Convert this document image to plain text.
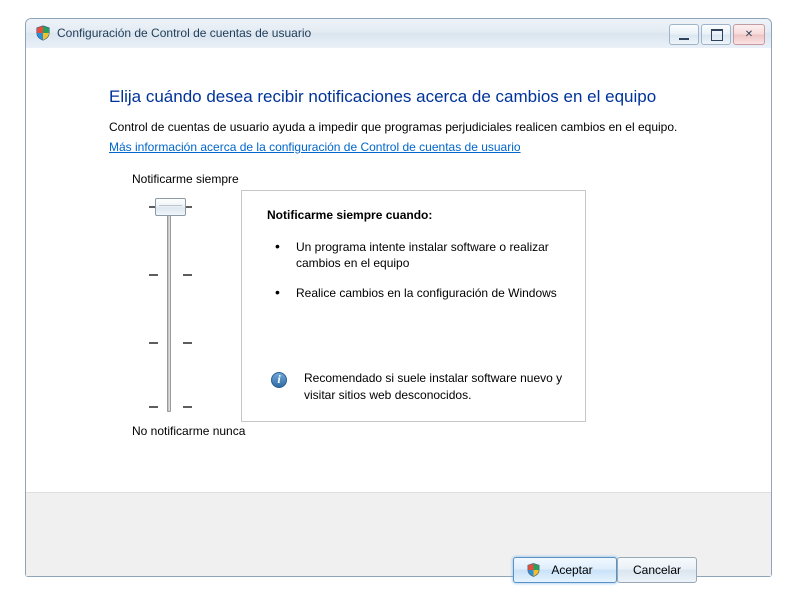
Configuración de Control de cuentas de usuario	✕
Elija cuándo desea recibir notificaciones acerca de cambios en el equipo
Control de cuentas de usuario ayuda a impedir que programas perjudiciales realicen cambios en el equipo.
Más información acerca de la configuración de Control de cuentas de usuario
Notificarme siempre
No notificarme nunca
Notificarme siempre cuando:
• Un programa intente instalar software o realizar cambios en el equipo
• Realice cambios en la configuración de Windows
i
Recomendado si suele instalar software nuevo y visitar sitios web desconocidos.
Aceptar	Cancelar
